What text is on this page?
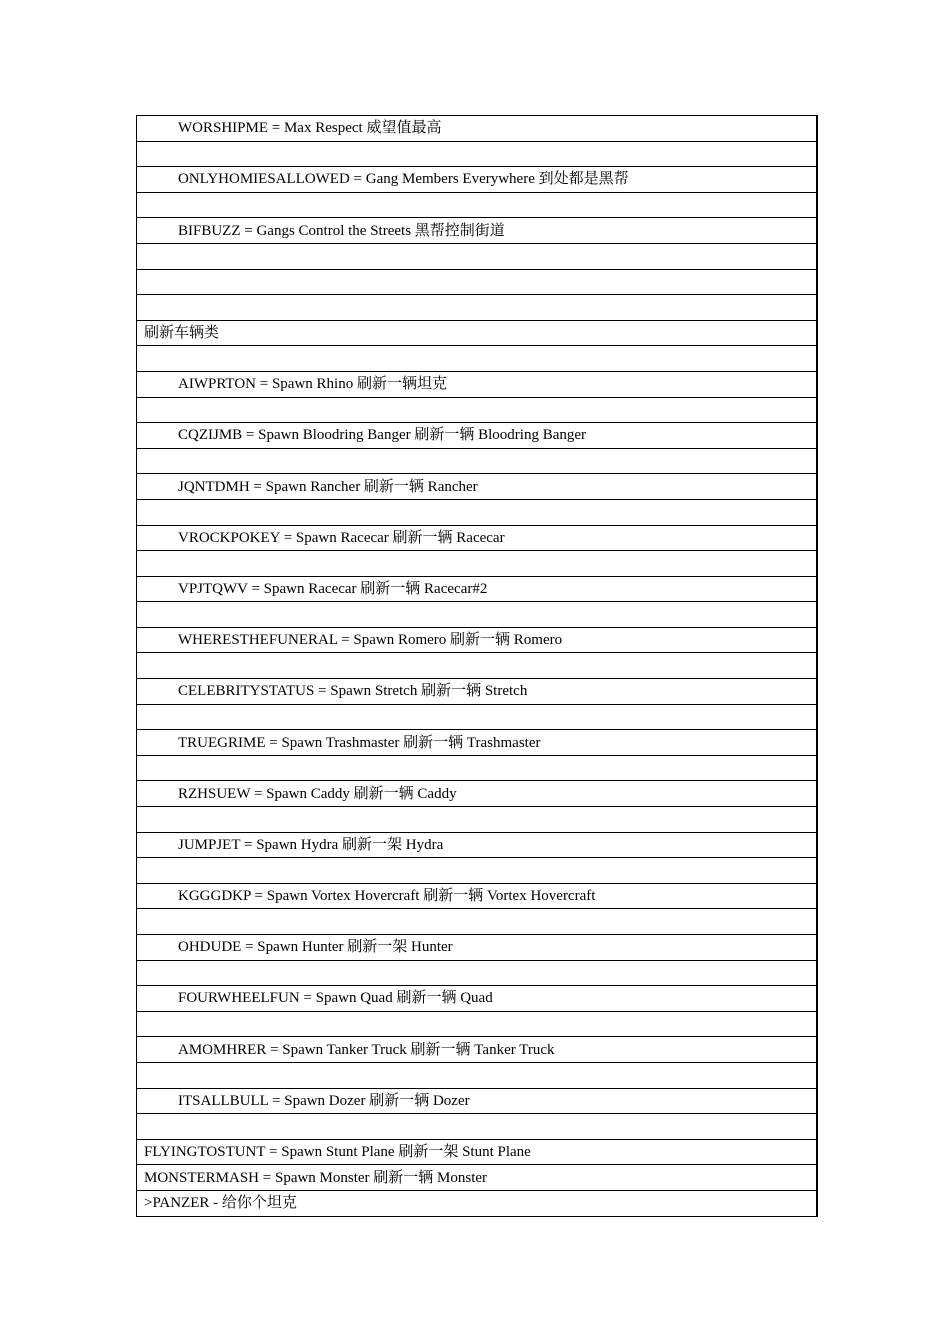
WORSHIPME = Max Respect 威望值最高

ONLYHOMIESALLOWED = Gang Members Everywhere 到处都是黑帮

BIFBUZZ = Gangs Control the Streets 黑帮控制街道

刷新车辆类

AIWPRTON = Spawn Rhino 刷新一辆坦克

CQZIJMB = Spawn Bloodring Banger 刷新一辆 Bloodring Banger

JQNTDMH = Spawn Rancher 刷新一辆 Rancher

VROCKPOKEY = Spawn Racecar 刷新一辆 Racecar

VPJTQWV = Spawn Racecar 刷新一辆 Racecar#2

WHERESTHEFUNERAL = Spawn Romero 刷新一辆 Romero

CELEBRITYSTATUS = Spawn Stretch 刷新一辆 Stretch

TRUEGRIME = Spawn Trashmaster 刷新一辆 Trashmaster

RZHSUEW = Spawn Caddy 刷新一辆 Caddy

JUMPJET = Spawn Hydra 刷新一架 Hydra

KGGGDKP = Spawn Vortex Hovercraft 刷新一辆 Vortex Hovercraft

OHDUDE = Spawn Hunter 刷新一架 Hunter

FOURWHEELFUN = Spawn Quad 刷新一辆 Quad

AMOMHRER = Spawn Tanker Truck 刷新一辆 Tanker Truck

ITSALLBULL = Spawn Dozer 刷新一辆 Dozer

FLYINGTOSTUNT = Spawn Stunt Plane 刷新一架 Stunt Plane
MONSTERMASH = Spawn Monster 刷新一辆 Monster
>PANZER - 给你个坦克
